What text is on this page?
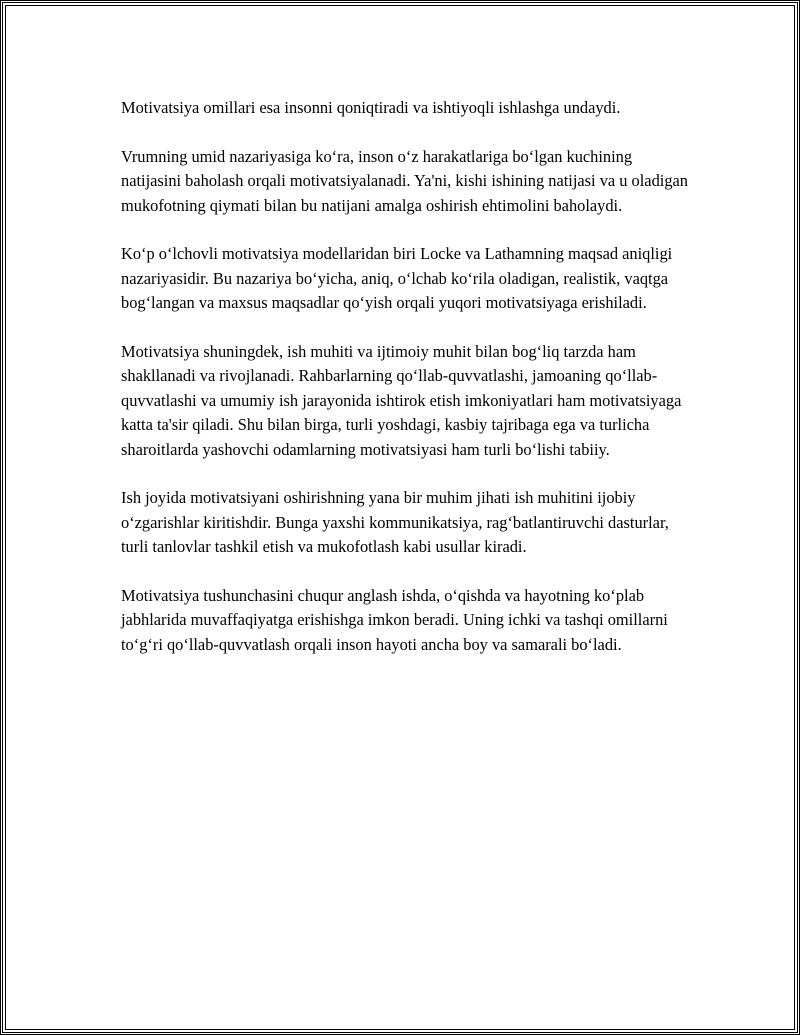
Motivatsiya omillari esa insonni qoniqtiradi va ishtiyoqli ishlashga undaydi.

Vrumning umid nazariyasiga koʻra, inson oʻz harakatlariga boʻlgan kuchining natijasini baholash orqali motivatsiyalanadi. Ya'ni, kishi ishining natijasi va u oladigan mukofotning qiymati bilan bu natijani amalga oshirish ehtimolini baholaydi.

Koʻp oʻlchovli motivatsiya modellaridan biri Locke va Lathamning maqsad aniqligi nazariyasidir. Bu nazariya boʻyicha, aniq, oʻlchab koʻrila oladigan, realistik, vaqtga bogʻlangan va maxsus maqsadlar qoʻyish orqali yuqori motivatsiyaga erishiladi.

Motivatsiya shuningdek, ish muhiti va ijtimoiy muhit bilan bogʻliq tarzda ham shakllanadi va rivojlanadi. Rahbarlarning qoʻllab-quvvatlashi, jamoaning qoʻllab-quvvatlashi va umumiy ish jarayonida ishtirok etish imkoniyatlari ham motivatsiyaga katta ta'sir qiladi. Shu bilan birga, turli yoshdagi, kasbiy tajribaga ega va turlicha sharoitlarda yashovchi odamlarning motivatsiyasi ham turli boʻlishi tabiiy.

Ish joyida motivatsiyani oshirishning yana bir muhim jihati ish muhitini ijobiy oʻzgarishlar kiritishdir. Bunga yaxshi kommunikatsiya, ragʻbatlantiruvchi dasturlar, turli tanlovlar tashkil etish va mukofotlash kabi usullar kiradi.

Motivatsiya tushunchasini chuqur anglash ishda, oʻqishda va hayotning koʻplab jabhlarida muvaffaqiyatga erishishga imkon beradi. Uning ichki va tashqi omillarni toʻgʻri qoʻllab-quvvatlash orqali inson hayoti ancha boy va samarali boʻladi.
